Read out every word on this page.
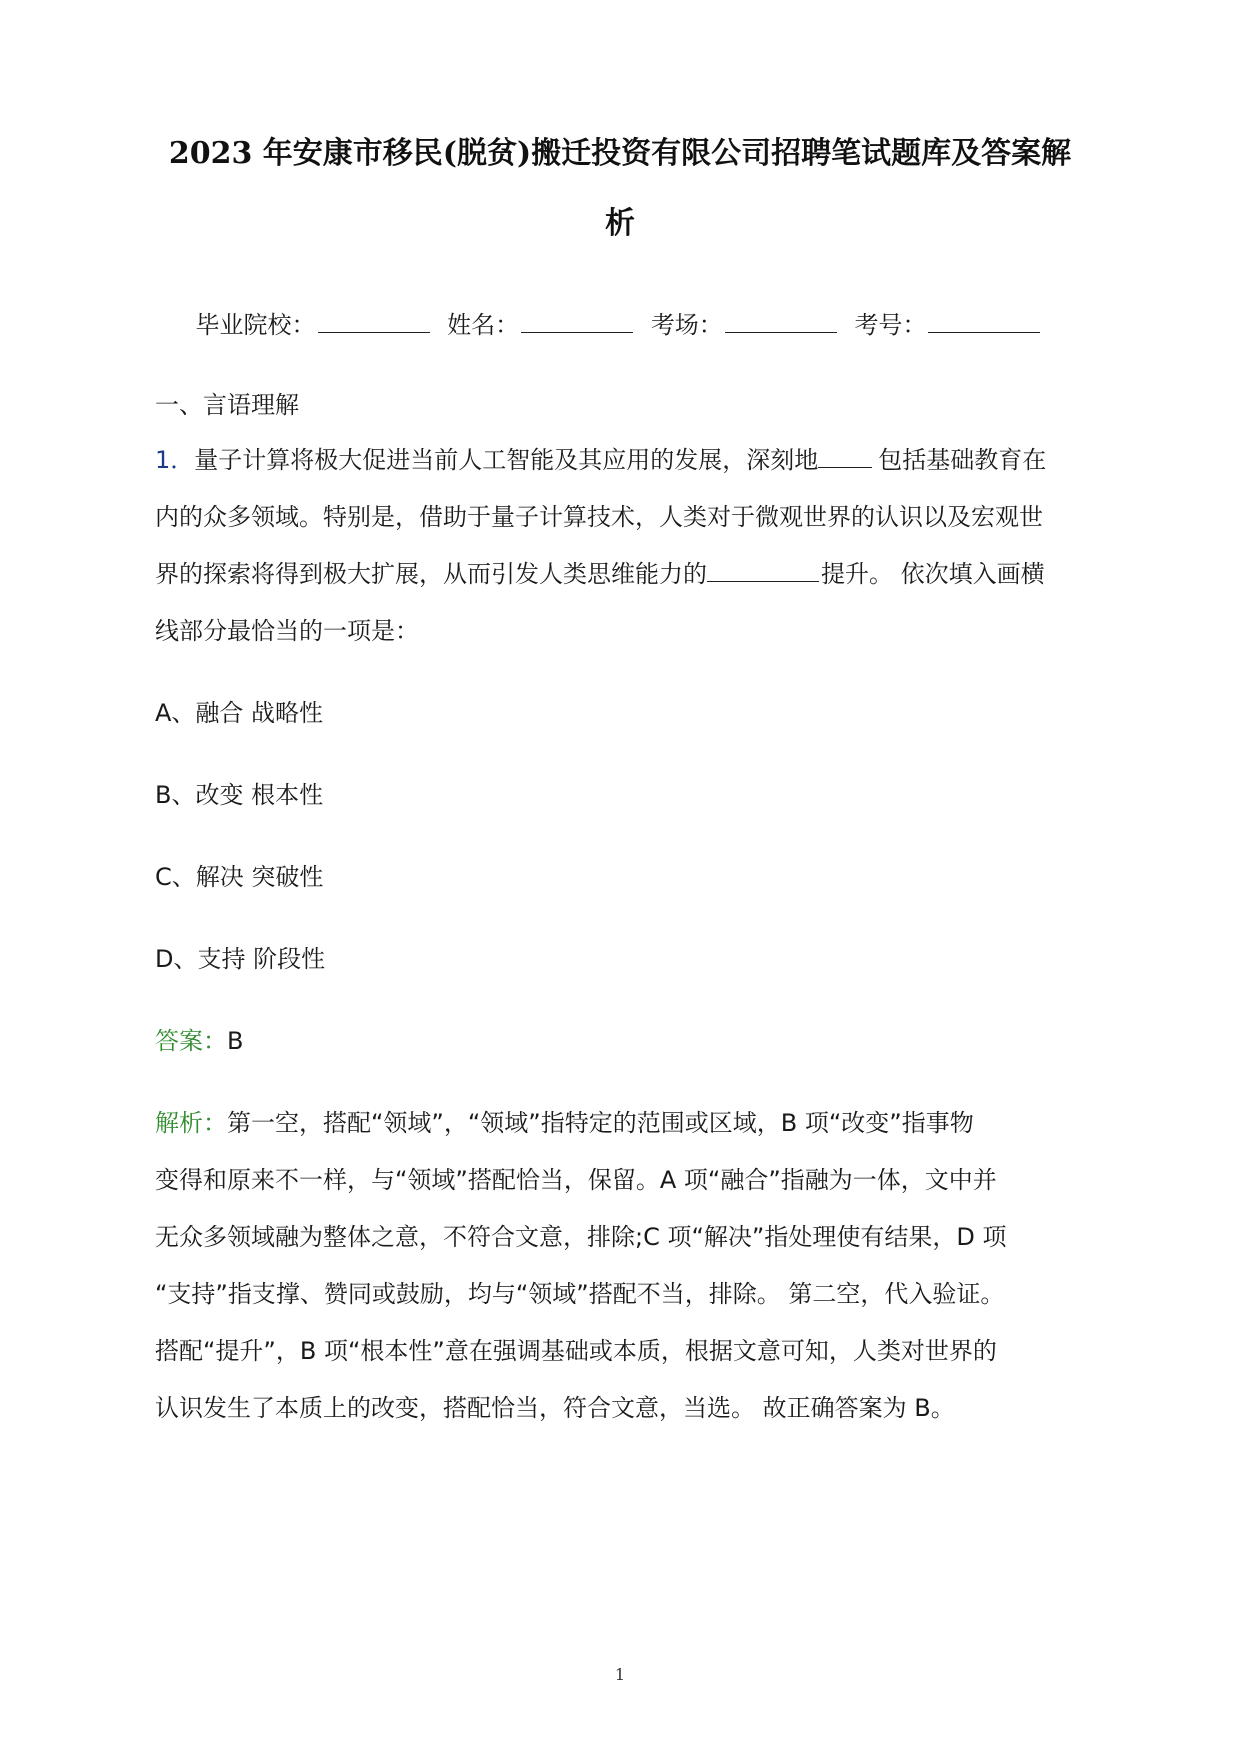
2023 年安康市移民(脱贫)搬迁投资有限公司招聘笔试题库及答案解
析
毕业院校：	姓名：	考场：	考号：
一、言语理解
1．量子计算将极大促进当前人工智能及其应用的发展，深刻地	包括基础教育在
内的众多领域。特别是，借助于量子计算技术，人类对于微观世界的认识以及宏观世
界的探索将得到极大扩展，从而引发人类思维能力的	提升。 依次填入画横
线部分最恰当的一项是：
A、融合 战略性
B、改变 根本性
C、解决 突破性
D、支持 阶段性
答案：B
解析：第一空，搭配“领域”，“领域”指特定的范围或区域，B 项“改变”指事物
变得和原来不一样，与“领域”搭配恰当，保留。A 项“融合”指融为一体，文中并
无众多领域融为整体之意，不符合文意，排除;C 项“解决”指处理使有结果，D 项
“支持”指支撑、赞同或鼓励，均与“领域”搭配不当，排除。 第二空，代入验证。
搭配“提升”，B 项“根本性”意在强调基础或本质，根据文意可知，人类对世界的
认识发生了本质上的改变，搭配恰当，符合文意，当选。 故正确答案为 B。
1
